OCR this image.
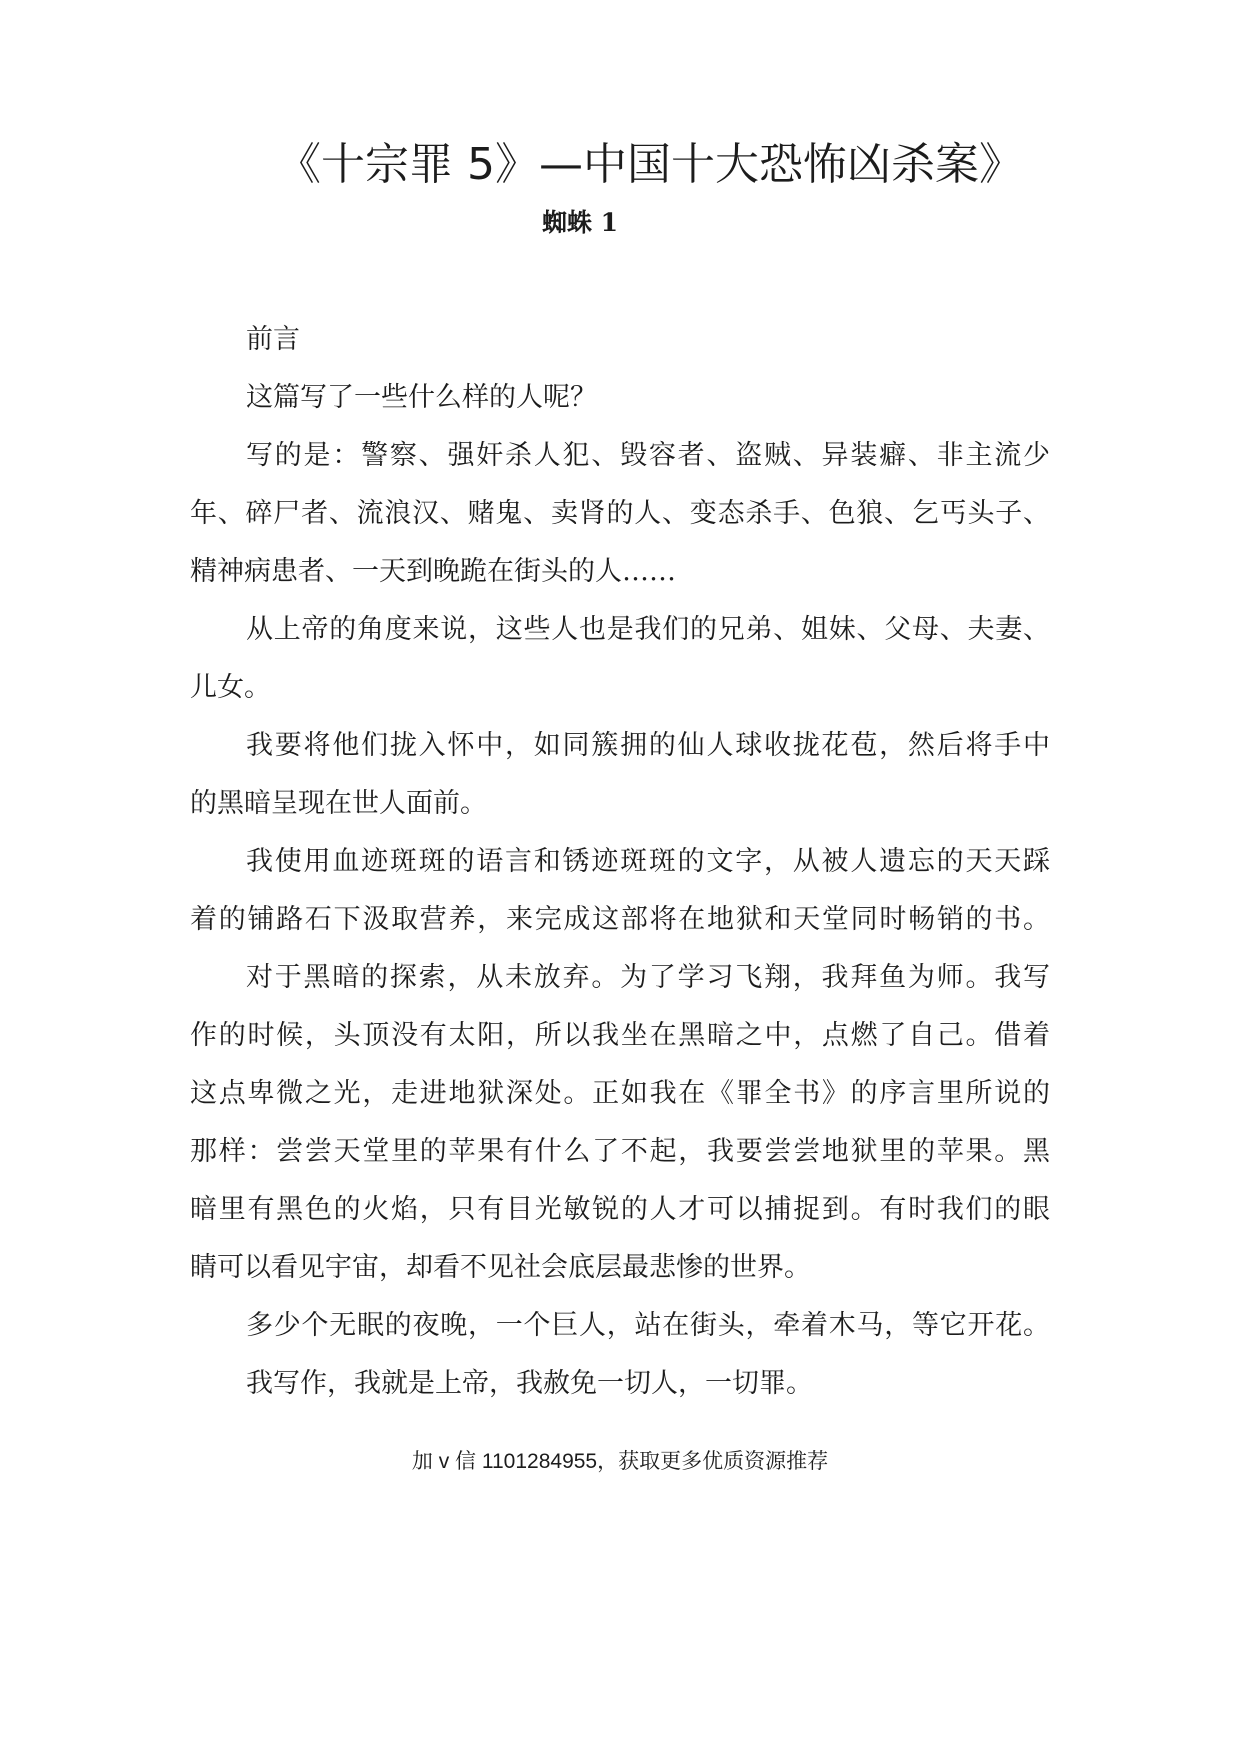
《十宗罪 5》—中国十大恐怖凶杀案》
蜘蛛 1
前言
这篇写了一些什么样的人呢？
写的是：警察、强奸杀人犯、毁容者、盗贼、异装癖、非主流少
年、碎尸者、流浪汉、赌鬼、卖肾的人、变态杀手、色狼、乞丐头子、
精神病患者、一天到晚跪在街头的人……
从上帝的角度来说，这些人也是我们的兄弟、姐妹、父母、夫妻、
儿女。
我要将他们拢入怀中，如同簇拥的仙人球收拢花苞，然后将手中
的黑暗呈现在世人面前。
我使用血迹斑斑的语言和锈迹斑斑的文字，从被人遗忘的天天踩
着的铺路石下汲取营养，来完成这部将在地狱和天堂同时畅销的书。
对于黑暗的探索，从未放弃。为了学习飞翔，我拜鱼为师。我写
作的时候，头顶没有太阳，所以我坐在黑暗之中，点燃了自己。借着
这点卑微之光，走进地狱深处。正如我在《罪全书》的序言里所说的
那样：尝尝天堂里的苹果有什么了不起，我要尝尝地狱里的苹果。黑
暗里有黑色的火焰，只有目光敏锐的人才可以捕捉到。有时我们的眼
睛可以看见宇宙，却看不见社会底层最悲惨的世界。
多少个无眠的夜晚，一个巨人，站在街头，牵着木马，等它开花。
我写作，我就是上帝，我赦免一切人，一切罪。
加 v 信 1101284955，获取更多优质资源推荐
